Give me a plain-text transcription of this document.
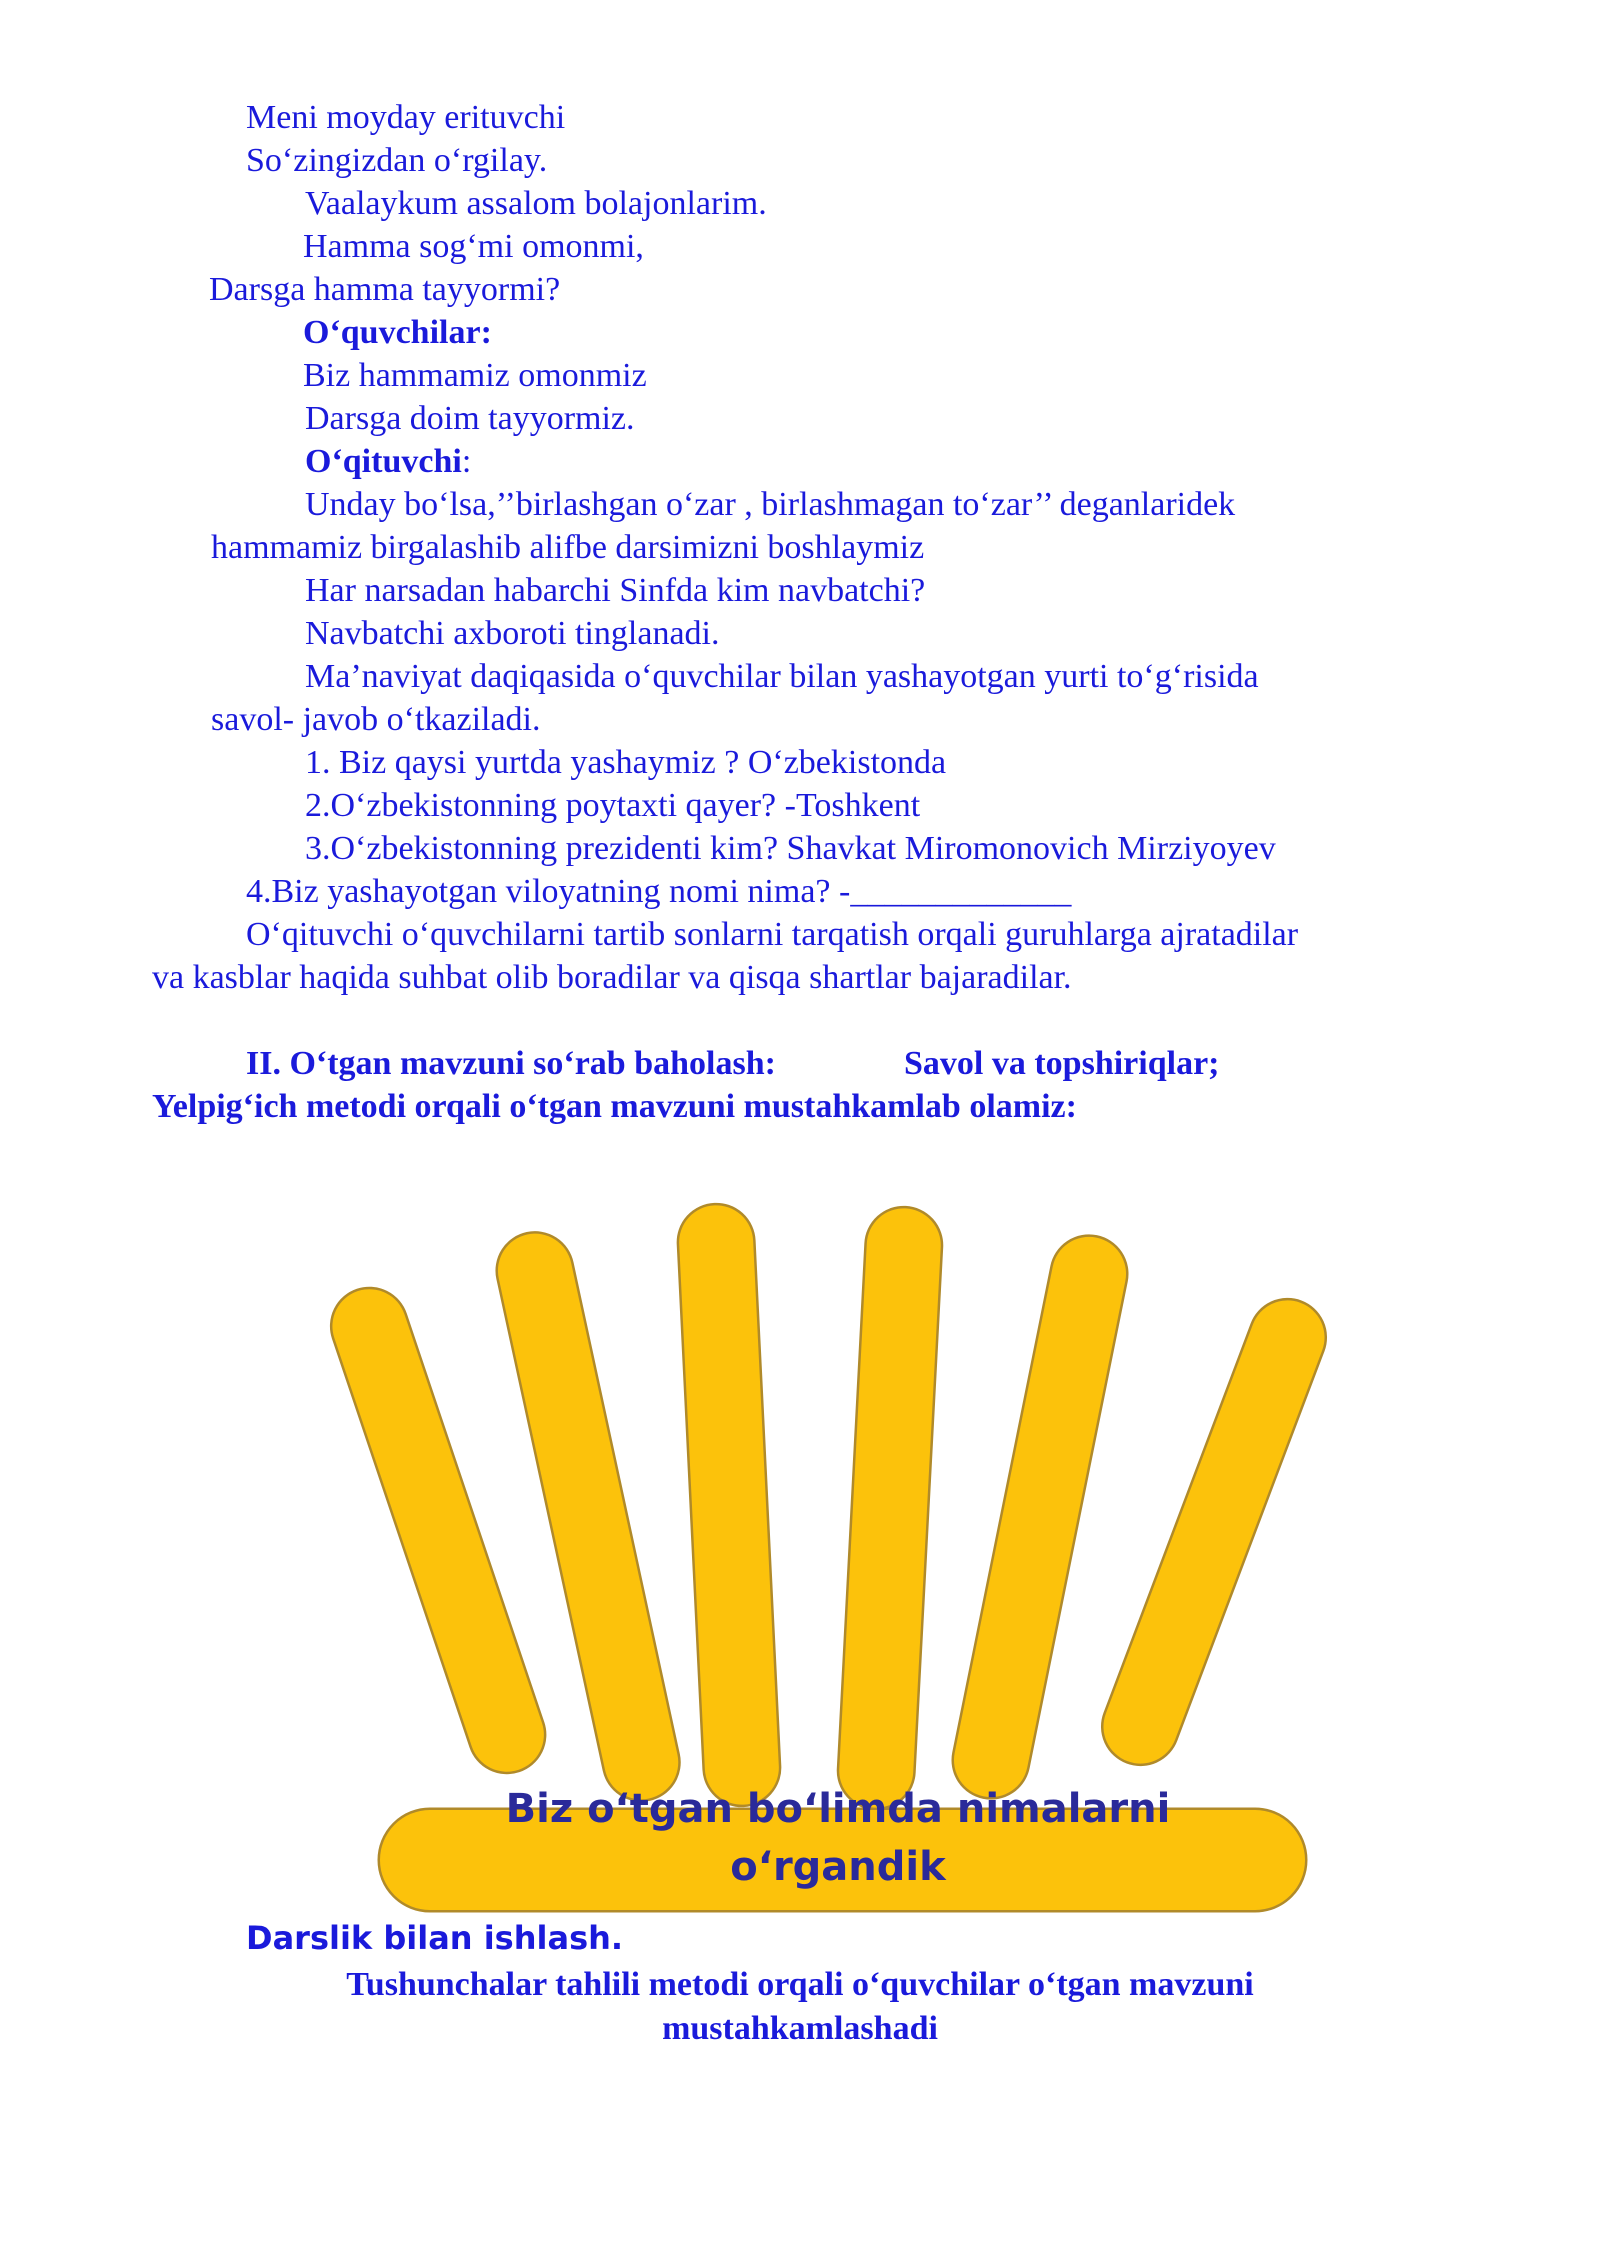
Meni moyday erituvchi
So‘zingizdan o‘rgilay.
Vaalaykum assalom bolajonlarim.
Hamma sog‘mi omonmi,
Darsga hamma tayyormi?
O‘quvchilar:
Biz hammamiz omonmiz
Darsga doim tayyormiz.
O‘qituvchi:
Unday bo‘lsa,’’birlashgan o‘zar , birlashmagan to‘zar’’ deganlaridek
hammamiz birgalashib alifbe darsimizni boshlaymiz
Har narsadan habarchi Sinfda kim navbatchi?
Navbatchi axboroti tinglanadi.
Ma’naviyat daqiqasida o‘quvchilar bilan yashayotgan yurti to‘g‘risida
savol- javob o‘tkaziladi.
1. Biz qaysi yurtda yashaymiz ? O‘zbekistonda
2.O‘zbekistonning poytaxti qayer? -Toshkent
3.O‘zbekistonning prezidenti kim? Shavkat Miromonovich Mirziyoyev
4.Biz yashayotgan viloyatning nomi nima? -_____________
O‘qituvchi o‘quvchilarni tartib sonlarni tarqatish orqali guruhlarga ajratadilar
va kasblar haqida suhbat olib boradilar va qisqa shartlar bajaradilar.
II. O‘tgan mavzuni so‘rab baholash:	Savol va topshiriqlar;
Yelpig‘ich metodi orqali o‘tgan mavzuni mustahkamlab olamiz:
Biz o‘tgan bo‘limda nimalarni
o‘rgandik
Darslik bilan ishlash.
Tushunchalar tahlili metodi orqali o‘quvchilar o‘tgan mavzuni
mustahkamlashadi
